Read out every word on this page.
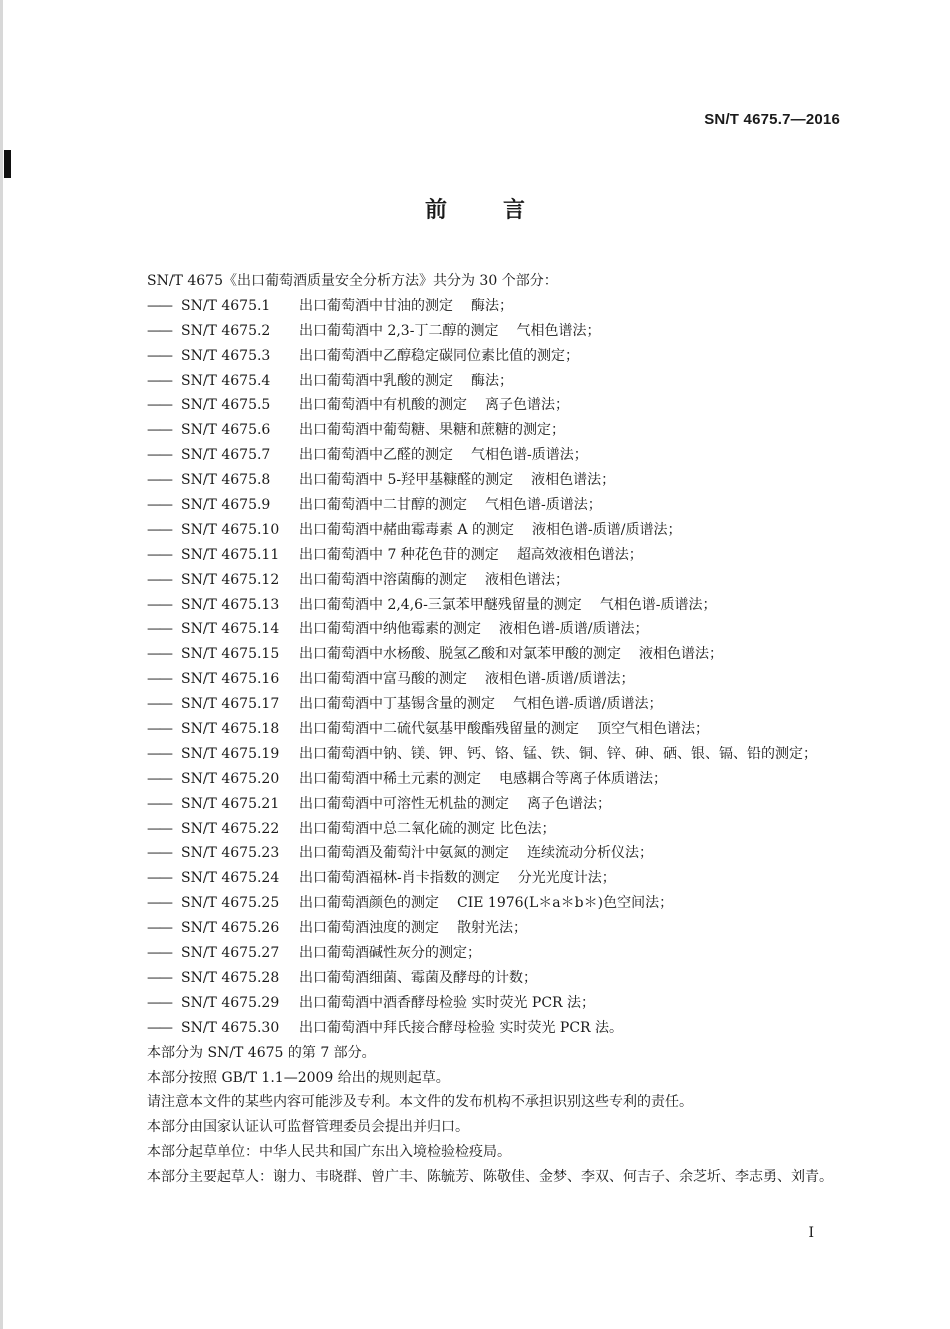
SN/T 4675.7—2016
前言
SN/T 4675《出口葡萄酒质量安全分析方法》共分为 30 个部分：
—— SN/T 4675.1	出口葡萄酒中甘油的测定 酶法；
—— SN/T 4675.2	出口葡萄酒中 2,3-丁二醇的测定 气相色谱法；
—— SN/T 4675.3	出口葡萄酒中乙醇稳定碳同位素比值的测定；
—— SN/T 4675.4	出口葡萄酒中乳酸的测定 酶法；
—— SN/T 4675.5	出口葡萄酒中有机酸的测定 离子色谱法；
—— SN/T 4675.6	出口葡萄酒中葡萄糖、果糖和蔗糖的测定；
—— SN/T 4675.7	出口葡萄酒中乙醛的测定 气相色谱-质谱法；
—— SN/T 4675.8	出口葡萄酒中 5-羟甲基糠醛的测定 液相色谱法；
—— SN/T 4675.9	出口葡萄酒中二甘醇的测定 气相色谱-质谱法；
—— SN/T 4675.10	出口葡萄酒中赭曲霉毒素 A 的测定 液相色谱-质谱/质谱法；
—— SN/T 4675.11	出口葡萄酒中 7 种花色苷的测定 超高效液相色谱法；
—— SN/T 4675.12	出口葡萄酒中溶菌酶的测定 液相色谱法；
—— SN/T 4675.13	出口葡萄酒中 2,4,6-三氯苯甲醚残留量的测定 气相色谱-质谱法；
—— SN/T 4675.14	出口葡萄酒中纳他霉素的测定 液相色谱-质谱/质谱法；
—— SN/T 4675.15	出口葡萄酒中水杨酸、脱氢乙酸和对氯苯甲酸的测定 液相色谱法；
—— SN/T 4675.16	出口葡萄酒中富马酸的测定 液相色谱-质谱/质谱法；
—— SN/T 4675.17	出口葡萄酒中丁基锡含量的测定 气相色谱-质谱/质谱法；
—— SN/T 4675.18	出口葡萄酒中二硫代氨基甲酸酯残留量的测定 顶空气相色谱法；
—— SN/T 4675.19	出口葡萄酒中钠、镁、钾、钙、铬、锰、铁、铜、锌、砷、硒、银、镉、铅的测定；
—— SN/T 4675.20	出口葡萄酒中稀土元素的测定 电感耦合等离子体质谱法；
—— SN/T 4675.21	出口葡萄酒中可溶性无机盐的测定 离子色谱法；
—— SN/T 4675.22	出口葡萄酒中总二氧化硫的测定 比色法；
—— SN/T 4675.23	出口葡萄酒及葡萄汁中氨氮的测定 连续流动分析仪法；
—— SN/T 4675.24	出口葡萄酒福林-肖卡指数的测定 分光光度计法；
—— SN/T 4675.25	出口葡萄酒颜色的测定 CIE 1976(L＊a＊b＊)色空间法；
—— SN/T 4675.26	出口葡萄酒浊度的测定 散射光法；
—— SN/T 4675.27	出口葡萄酒碱性灰分的测定；
—— SN/T 4675.28	出口葡萄酒细菌、霉菌及酵母的计数；
—— SN/T 4675.29	出口葡萄酒中酒香酵母检验 实时荧光 PCR 法；
—— SN/T 4675.30	出口葡萄酒中拜氏接合酵母检验 实时荧光 PCR 法。
本部分为 SN/T 4675 的第 7 部分。
本部分按照 GB/T 1.1—2009 给出的规则起草。
请注意本文件的某些内容可能涉及专利。本文件的发布机构不承担识别这些专利的责任。
本部分由国家认证认可监督管理委员会提出并归口。
本部分起草单位：中华人民共和国广东出入境检验检疫局。
本部分主要起草人：谢力、韦晓群、曾广丰、陈毓芳、陈敬佳、金梦、李双、何吉子、余芝圻、李志勇、刘青。
I
